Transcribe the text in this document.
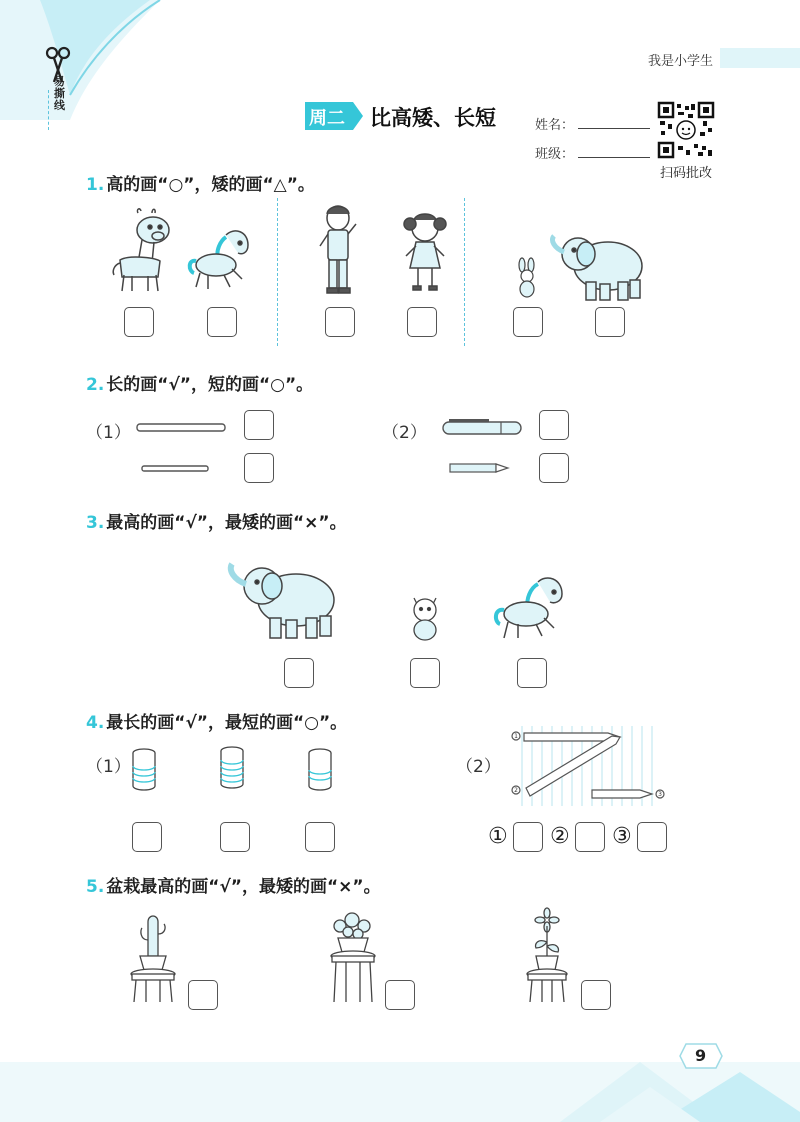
易撕线
我是小学生
周二 比高矮、长短	姓名：
班级：
扫码批改
1. 高的画“○”，矮的画“△”。
2. 长的画“√”，短的画“○”。
（1）	（2）
3. 最高的画“√”，最矮的画“×”。
4. 最长的画“√”，最短的画“○”。
（1）	（2）
1
2
3
① ② ③
5. 盆栽最高的画“√”，最矮的画“×”。
9
